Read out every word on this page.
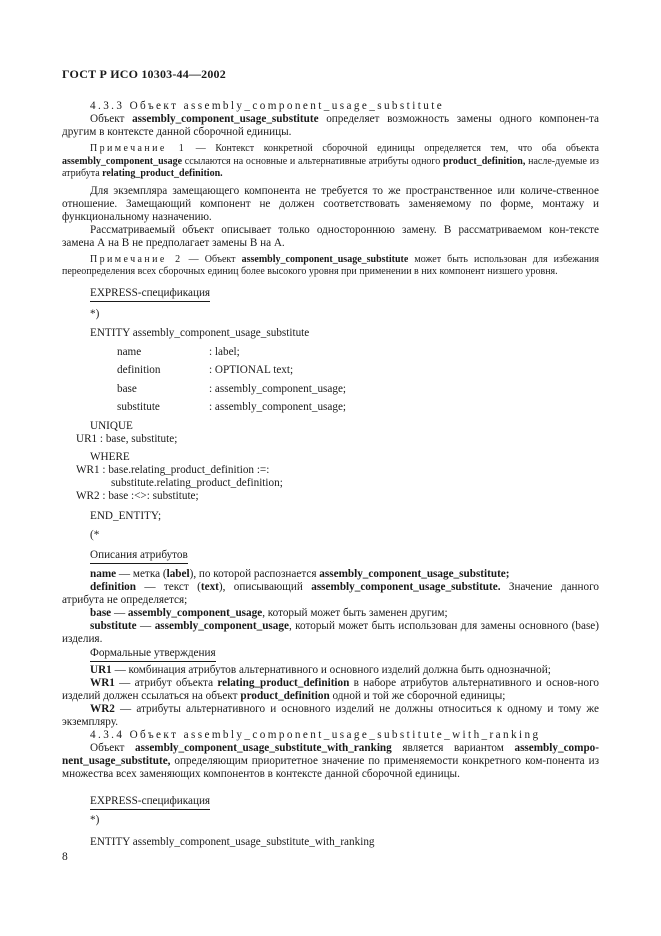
ГОСТ Р ИСО 10303-44—2002

4.3.3 Объект assembly_component_usage_substitute

Объект assembly_component_usage_substitute определяет возможность замены одного компонен-та другим в контексте данной сборочной единицы.

Примечание 1 — Контекст конкретной сборочной единицы определяется тем, что оба объекта assembly_component_usage ссылаются на основные и альтернативные атрибуты одного product_definition, насле-дуемые из атрибута relating_product_definition.

Для экземпляра замещающего компонента не требуется то же пространственное или количе-ственное отношение. Замещающий компонент не должен соответствовать заменяемому по форме, монтажу и функциональному назначению.

Рассматриваемый объект описывает только одностороннюю замену. В рассматриваемом кон-тексте замена А на В не предполагает замены В на А.

Примечание 2 — Объект assembly_component_usage_substitute может быть использован для избежания переопределения всех сборочных единиц более высокого уровня при применении в них компонент низшего уровня.

EXPRESS-спецификация
*)
ENTITY assembly_component_usage_substitute
name	: label;
definition	: OPTIONAL text;
base	: assembly_component_usage;
substitute	: assembly_component_usage;
UNIQUE
UR1 : base, substitute;
WHERE
WR1 : base.relating_product_definition :=:
substitute.relating_product_definition;
WR2 : base :<>: substitute;
END_ENTITY;
(*
Описания атрибутов

name — метка (label), по которой распознается assembly_component_usage_substitute;

definition — текст (text), описывающий assembly_component_usage_substitute. Значение данного атрибута не определяется;

base — assembly_component_usage, который может быть заменен другим;

substitute — assembly_component_usage, который может быть использован для замены основного (base) изделия.

Формальные утверждения

UR1 — комбинация атрибутов альтернативного и основного изделий должна быть однозначной;

WR1 — атрибут объекта relating_product_definition в наборе атрибутов альтернативного и основ-ного изделий должен ссылаться на объект product_definition одной и той же сборочной единицы;

WR2 — атрибуты альтернативного и основного изделий не должны относиться к одному и тому же экземпляру.

4.3.4 Объект assembly_component_usage_substitute_with_ranking

Объект assembly_component_usage_substitute_with_ranking является вариантом assembly_compo-nent_usage_substitute, определяющим приоритетное значение по применяемости конкретного ком-понента из множества всех заменяющих компонентов в контексте данной сборочной единицы.

EXPRESS-спецификация
*)
ENTITY assembly_component_usage_substitute_with_ranking
8
